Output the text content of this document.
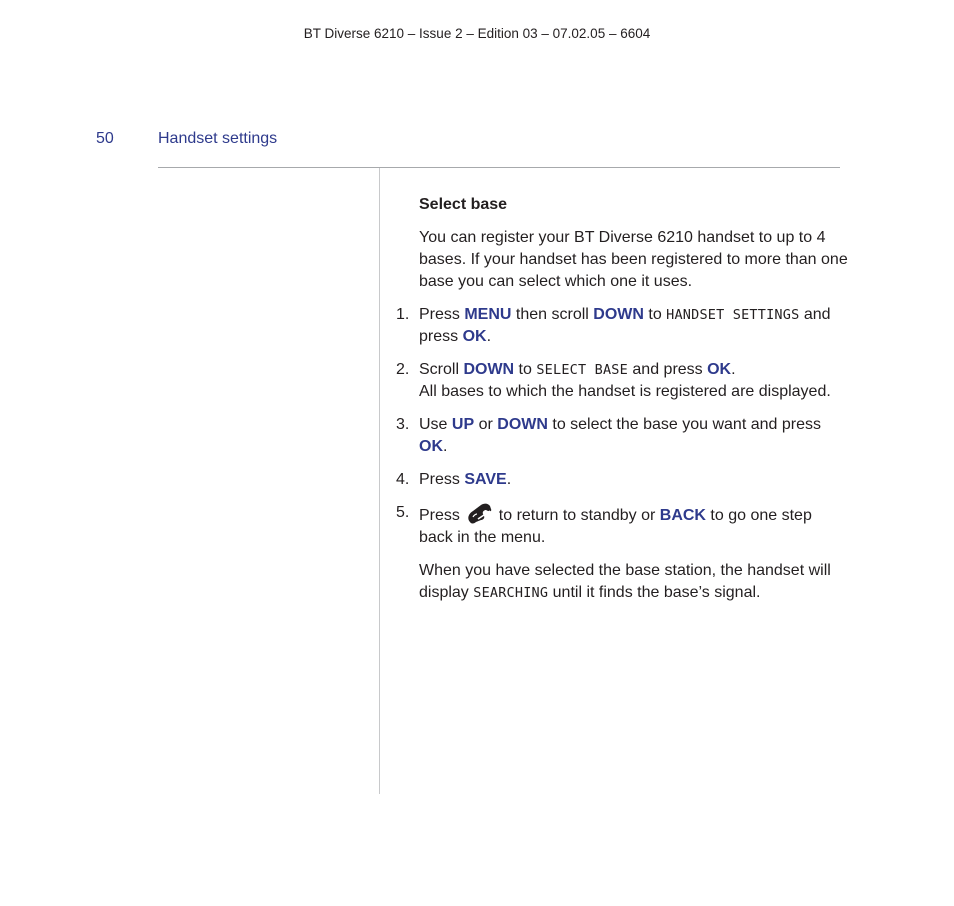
BT Diverse 6210 – Issue 2 – Edition 03 – 07.02.05 – 6604
50	Handset settings

Select base

You can register your BT Diverse 6210 handset to up to 4 bases. If your handset has been registered to more than one base you can select which one it uses.

1. Press MENU then scroll DOWN to HANDSET SETTINGS and press OK.
2. Scroll DOWN to SELECT BASE and press OK.
All bases to which the handset is registered are displayed.
3. Use UP or DOWN to select the base you want and press OK.
4. Press SAVE.
5. Press  to return to standby or BACK to go one step back in the menu.

When you have selected the base station, the handset will display SEARCHING until it finds the base’s signal.
